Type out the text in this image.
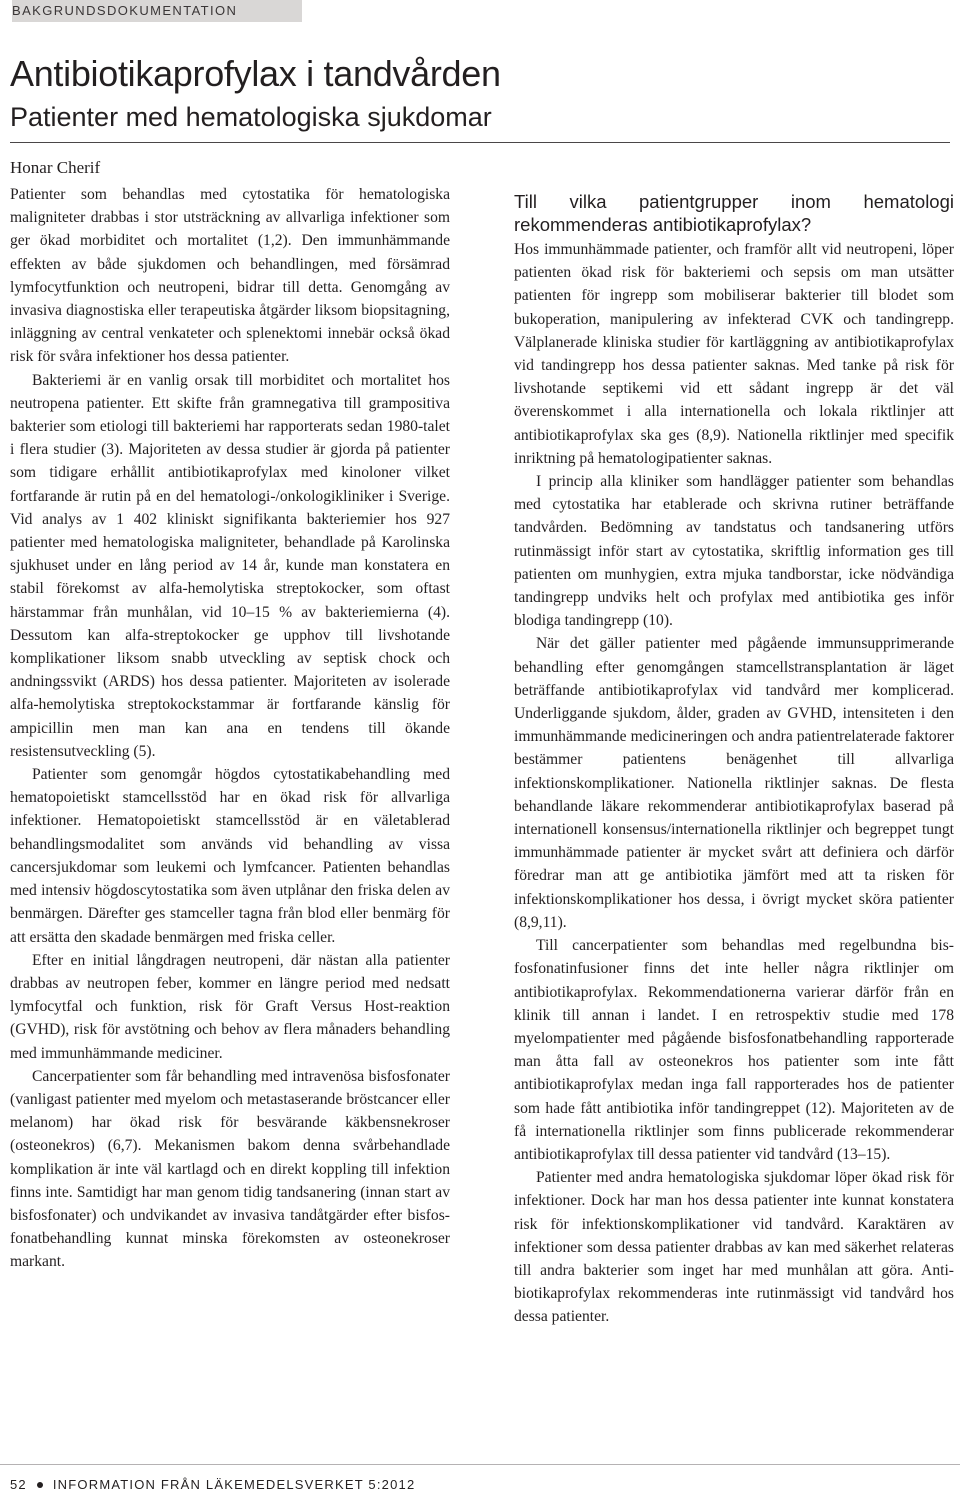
BAKGRUNDSDOKUMENTATION
Antibiotikaprofylax i tandvården
Patienter med hematologiska sjukdomar
Honar Cherif

Patienter som behandlas med cytostatika för hematologiska maligniteter drabbas i stor utsträckning av allvarliga infektioner som ger ökad morbiditet och mortalitet (1,2). Den immunhämmande effekten av både sjukdomen och behandlingen, med försämrad lymfocytfunktion och neutropeni, bidrar till detta. Genomgång av invasiva diagnostiska eller terapeutiska åtgärder liksom biopsitagning, inläggning av central venkateter och splenektomi innebär också ökad risk för svåra infektioner hos dessa patienter.

Bakteriemi är en vanlig orsak till morbiditet och mortalitet hos neutropena patienter. Ett skifte från gramnegativa till grampositiva bakterier som etiologi till bakteriemi har rapporterats sedan 1980-talet i flera studier (3). Majoriteten av dessa studier är gjorda på patienter som tidigare erhållit antibiotikaprofylax med kinoloner vilket fortfarande är rutin på en del hematologi-/onkologikliniker i Sverige. Vid analys av 1 402 kliniskt signifikanta bakteriemier hos 927 patienter med hematologiska maligniteter, behandlade på Karolinska sjukhuset under en lång period av 14 år, kunde man konstatera en stabil förekomst av alfa-hemolytiska streptokocker, som oftast härstammar från munhålan, vid 10–15 % av bakteriemierna (4). Dessutom kan alfa-streptokocker ge upphov till livshotande komplikationer liksom snabb utveckling av septisk chock och andningssvikt (ARDS) hos dessa patienter. Majoriteten av isolerade alfa-hemolytiska streptokockstammar är fortfarande känslig för ampicillin men man kan ana en tendens till ökande resistensutveckling (5).

Patienter som genomgår högdos cytostatikabehandling med hematopoietiskt stamcellsstöd har en ökad risk för allvarliga infektioner. Hematopoietiskt stamcellsstöd är en väletablerad behandlingsmodalitet som används vid behandling av vissa cancersjukdomar som leukemi och lymfcancer. Patienten behandlas med intensiv högdoscytostatika som även utplånar den friska delen av benmärgen. Därefter ges stamceller tagna från blod eller benmärg för att ersätta den skadade benmärgen med friska celler.

Efter en initial långdragen neutropeni, där nästan alla patienter drabbas av neutropen feber, kommer en längre period med nedsatt lymfocytfal och funktion, risk för Graft Versus Host-reaktion (GVHD), risk för avstötning och behov av flera månaders behandling med immunhämmande mediciner.

Cancerpatienter som får behandling med intravenösa bisfosfonater (vanligast patienter med myelom och metastaserande bröstcancer eller melanom) har ökad risk för besvärande käkbensnekroser (osteonekros) (6,7). Mekanismen bakom denna svårbehandlade komplikation är inte väl kartlagd och en direkt koppling till infektion finns inte. Samtidigt har man genom tidig tandsanering (innan start av bisfosfonater) och undvikandet av invasiva tandåtgärder efter bisfosfonatbehandling kunnat minska förekomsten av osteonekroser markant.

Till vilka patientgrupper inom hematologi rekommenderas antibiotikaprofylax?

Hos immunhämmade patienter, och framför allt vid neutropeni, löper patienten ökad risk för bakteriemi och sepsis om man utsätter patienten för ingrepp som mobiliserar bakterier till blodet som bukoperation, manipulering av infekterad CVK och tandingrepp. Välplanerade kliniska studier för kartläggning av antibiotikaprofylax vid tandingrepp hos dessa patienter saknas. Med tanke på risk för livshotande septikemi vid ett sådant ingrepp är det väl överenskommet i alla internationella och lokala riktlinjer att antibiotikaprofylax ska ges (8,9). Nationella riktlinjer med specifik inriktning på hematologipatienter saknas.

I princip alla kliniker som handlägger patienter som behandlas med cytostatika har etablerade och skrivna rutiner beträffande tandvården. Bedömning av tandstatus och tandsanering utförs rutinmässigt inför start av cytostatika, skriftlig information ges till patienten om munhygien, extra mjuka tandborstar, icke nödvändiga tandingrepp undviks helt och profylax med antibiotika ges inför blodiga tandingrepp (10).

När det gäller patienter med pågående immunsupprimerande behandling efter genomgången stamcellstransplantation är läget beträffande antibiotikaprofylax vid tandvård mer komplicerad. Underliggande sjukdom, ålder, graden av GVHD, intensiteten i den immunhämmande medicineringen och andra patientrelaterade faktorer bestämmer patientens benägenhet till allvarliga infektionskomplikationer. Nationella riktlinjer saknas. De flesta behandlande läkare rekommenderar antibiotikaprofylax baserad på internationell konsensus/internationella riktlinjer och begreppet tungt immunhämmade patienter är mycket svårt att definiera och därför föredrar man att ge antibiotika jämfört med att ta risken för infektionskomplikationer hos dessa, i övrigt mycket sköra patienter (8,9,11).

Till cancerpatienter som behandlas med regelbundna bisfosfonatinfusioner finns det inte heller några riktlinjer om antibiotikaprofylax. Rekommendationerna varierar därför från en klinik till annan i landet. I en retrospektiv studie med 178 myelompatienter med pågående bisfosfonatbehandling rapporterade man åtta fall av osteonekros hos patienter som inte fått antibiotikaprofylax medan inga fall rapporterades hos de patienter som hade fått antibiotika inför tandingreppet (12). Majoriteten av de få internationella riktlinjer som finns publicerade rekommenderar antibiotikaprofylax till dessa patienter vid tandvård (13–15).

Patienter med andra hematologiska sjukdomar löper ökad risk för infektioner. Dock har man hos dessa patienter inte kunnat konstatera risk för infektionskomplikationer vid tandvård. Karaktären av infektioner som dessa patienter drabbas av kan med säkerhet relateras till andra bakterier som inget har med munhålan att göra. Antibiotikaprofylax rekommenderas inte rutinmässigt vid tandvård hos dessa patienter.

52 INFORMATION FRÅN LÄKEMEDELSVERKET 5:2012
